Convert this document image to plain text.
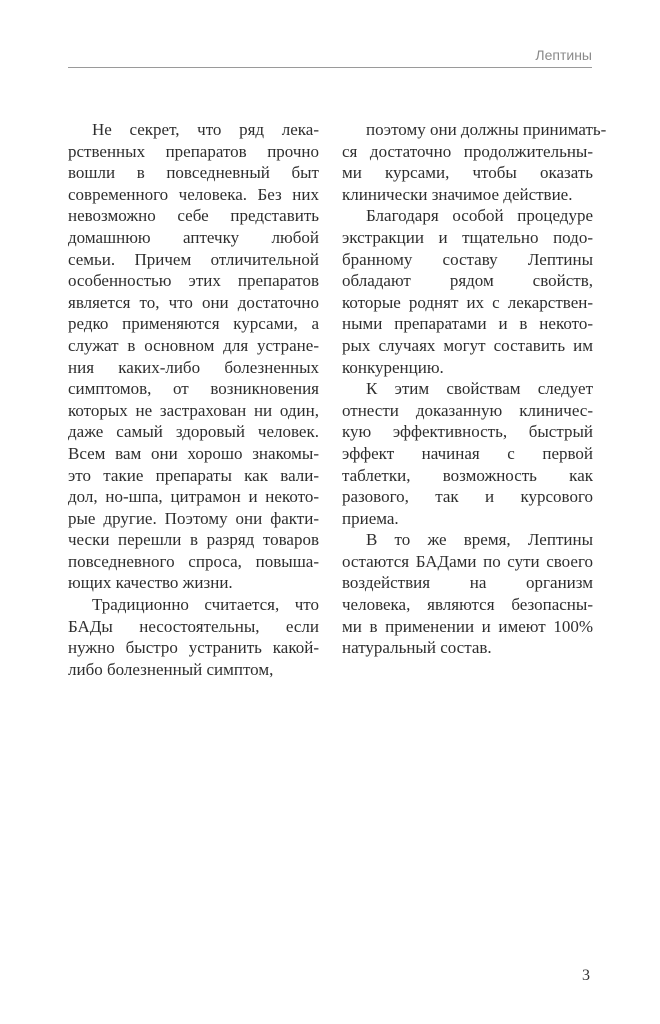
Лептины
Не секрет, что ряд лека-
рственных препаратов прочно
вошли в повседневный быт
современного человека. Без них
невозможно себе представить
домашнюю аптечку любой
семьи. Причем отличительной
особенностью этих препаратов
является то, что они достаточно
редко применяются курсами, а
служат в основном для устране-
ния каких-либо болезненных
симптомов, от возникновения
которых не застрахован ни один,
даже самый здоровый человек.
Всем вам они хорошо знакомы-
это такие препараты как вали-
дол, но-шпа, цитрамон и некото-
рые другие. Поэтому они факти-
чески перешли в разряд товаров
повседневного спроса, повыша-
ющих качество жизни.
Традиционно считается, что
БАДы несостоятельны, если
нужно быстро устранить какой-
либо болезненный симптом,
поэтому они должны принимать-
ся достаточно продолжительны-
ми курсами, чтобы оказать
клинически значимое действие.
Благодаря особой процедуре
экстракции и тщательно подо-
бранному составу Лептины
обладают рядом свойств,
которые роднят их с лекарствен-
ными препаратами и в некото-
рых случаях могут составить им
конкуренцию.
К этим свойствам следует
отнести доказанную клиничес-
кую эффективность, быстрый
эффект начиная с первой
таблетки, возможность как
разового, так и курсового
приема.
В то же время, Лептины
остаются БАДами по сути своего
воздействия на организм
человека, являются безопасны-
ми в применении и имеют 100%
натуральный состав.
3
